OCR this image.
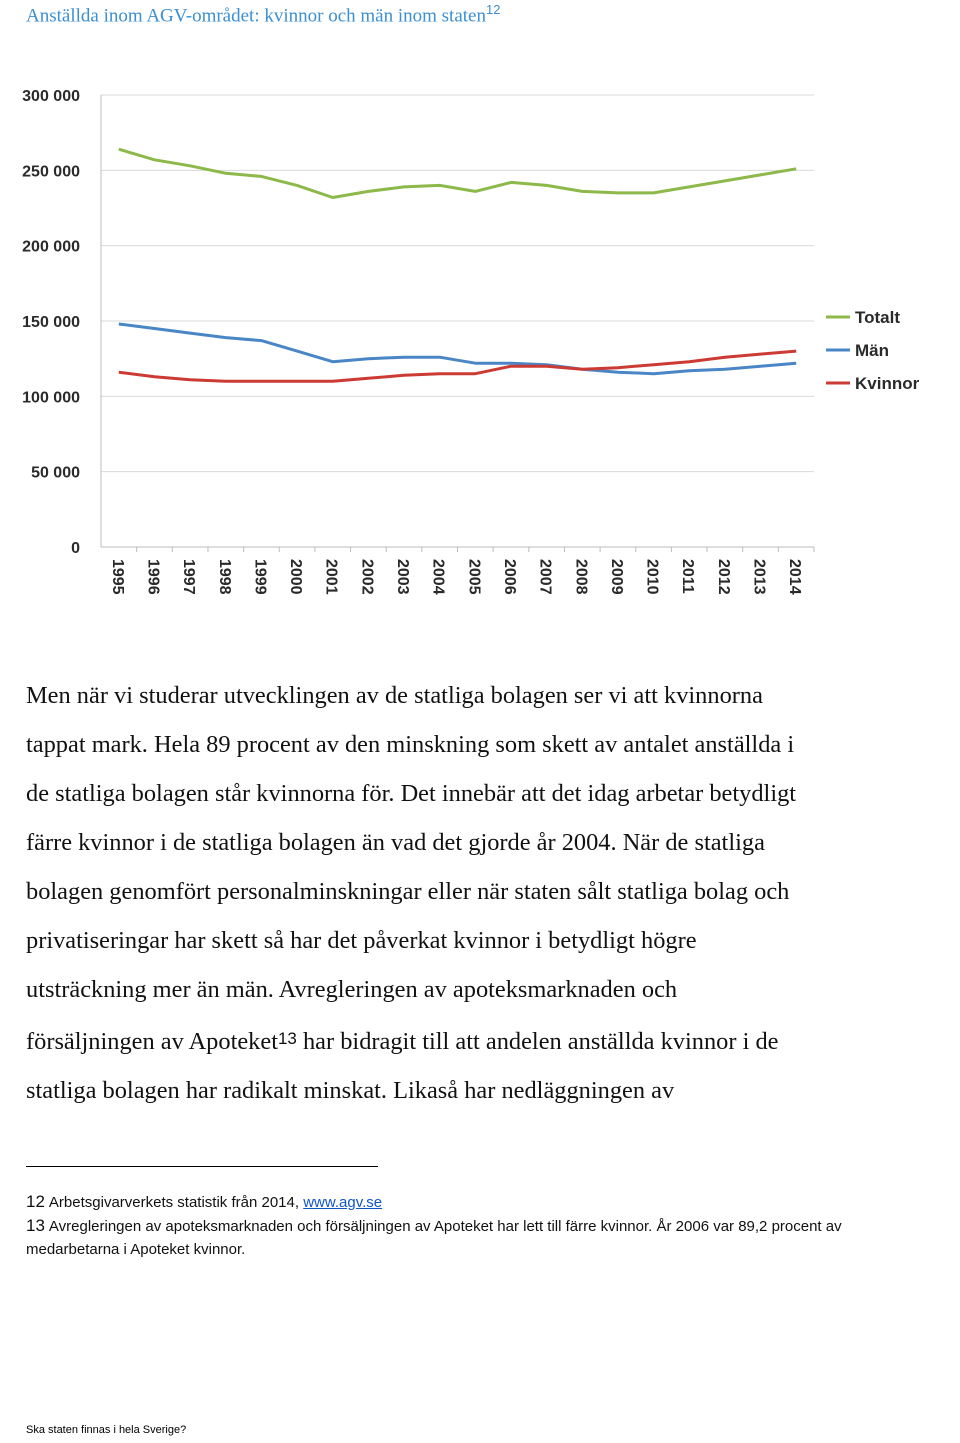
Anställda inom AGV-området: kvinnor och män inom staten$^{12}$
0
50 000
100 000
150 000
200 000
250 000
300 000
1995 1996 1997 1998 1999 2000 2001 2002 2003 2004 2005 2006 2007 2008 2009 2010 2011 2012 2013 2014
Totalt
Män
Kvinnor

Men när vi studerar utvecklingen av de statliga bolagen ser vi att kvinnorna

tappat mark. Hela 89 procent av den minskning som skett av antalet anställda i

de statliga bolagen står kvinnorna för. Det innebär att det idag arbetar betydligt

färre kvinnor i de statliga bolagen än vad det gjorde år 2004. När de statliga

bolagen genomfört personalminskningar eller när staten sålt statliga bolag och

privatiseringar har skett så har det påverkat kvinnor i betydligt högre

utsträckning mer än män. Avregleringen av apoteksmarknaden och

försäljningen av Apoteket$^{13}$ har bidragit till att andelen anställda kvinnor i de

statliga bolagen har radikalt minskat. Likaså har nedläggningen av

12 Arbetsgivarverkets statistik från 2014, www.agv.se

13 Avregleringen av apoteksmarknaden och försäljningen av Apoteket har lett till färre kvinnor. År 2006 var 89,2 procent av

medarbetarna i Apoteket kvinnor.

Ska staten finnas i hela Sverige?
